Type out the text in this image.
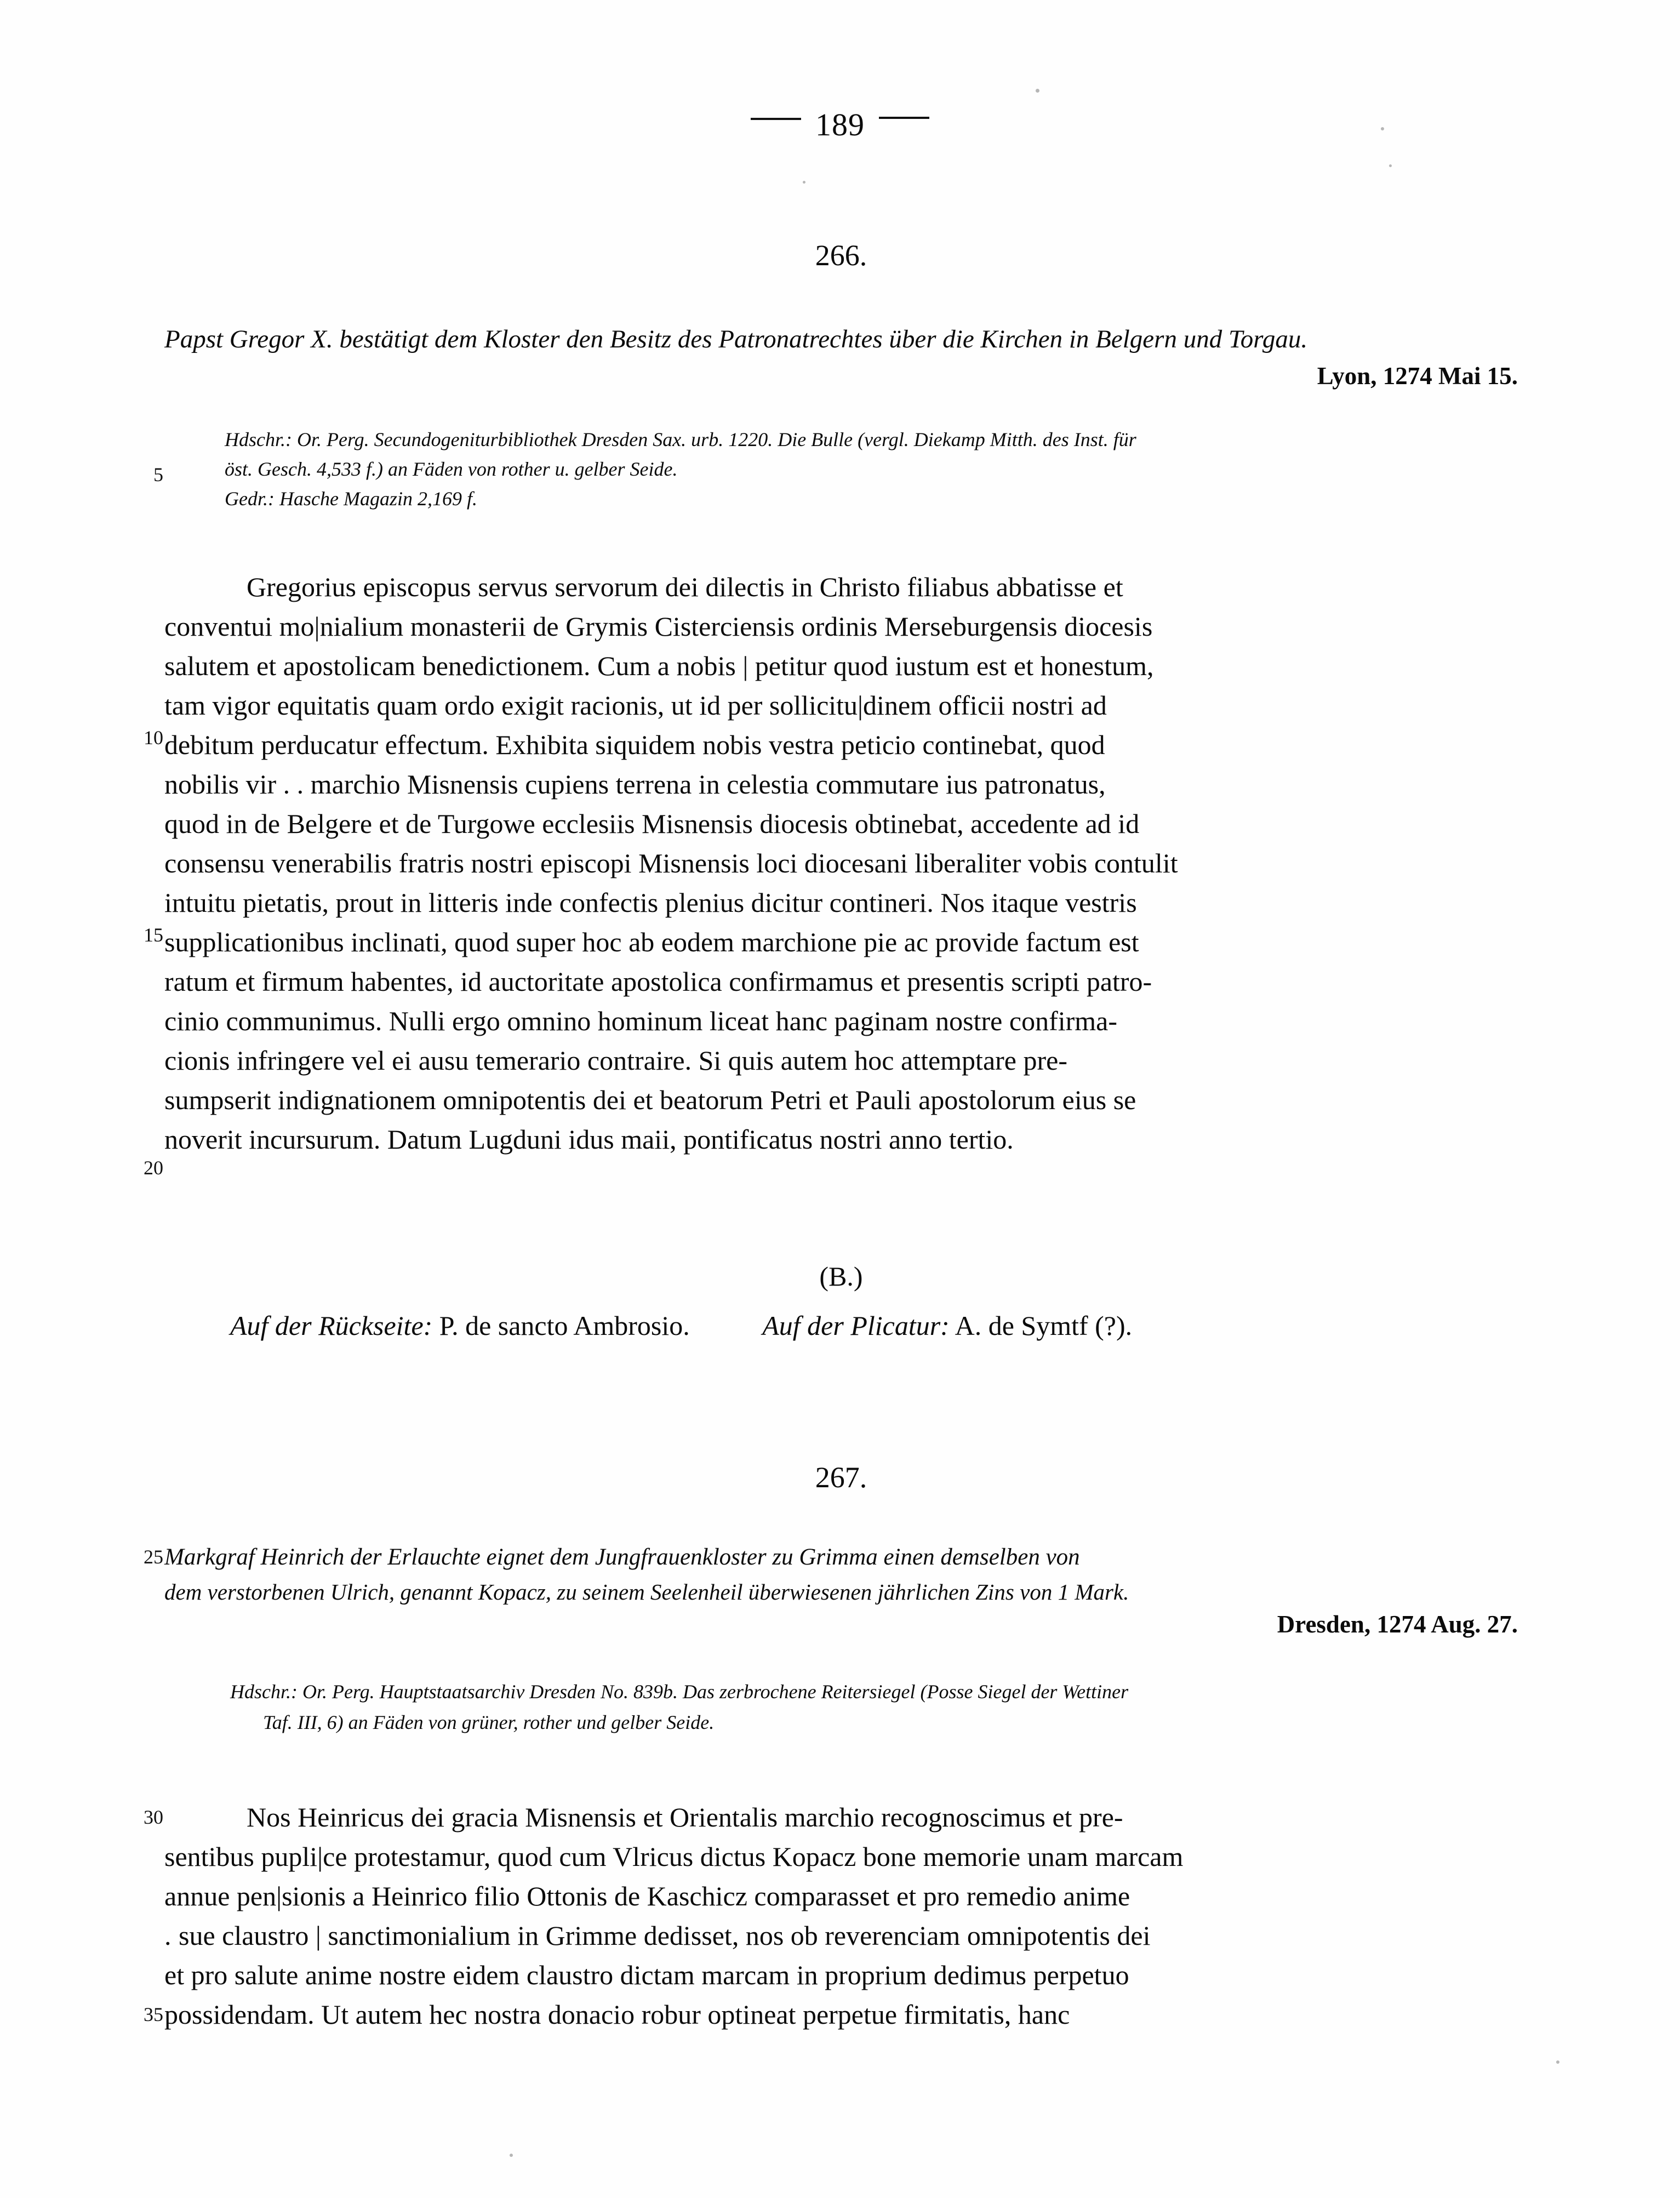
189
266.
Papst Gregor X. bestätigt dem Kloster den Besitz des Patronatrechtes über die Kirchen in Belgern und Torgau.
Lyon, 1274 Mai 15.
Hdschr.: Or. Perg. Secundogeniturbibliothek Dresden Sax. urb. 1220. Die Bulle (vergl. Diekamp Mitth. des Inst. für
öst. Gesch. 4,533 f.) an Fäden von rother u. gelber Seide.
Gedr.: Hasche Magazin 2,169 f.
5
Gregorius episcopus servus servorum dei dilectis in Christo filiabus abbatisse et
conventui mo|nialium monasterii de Grymis Cisterciensis ordinis Merseburgensis diocesis
salutem et apostolicam benedictionem. Cum a nobis | petitur quod iustum est et honestum,
tam vigor equitatis quam ordo exigit racionis, ut id per sollicitu|dinem officii nostri ad
debitum perducatur effectum. Exhibita siquidem nobis vestra peticio continebat, quod
nobilis vir . . marchio Misnensis cupiens terrena in celestia commutare ius patronatus,
quod in de Belgere et de Turgowe ecclesiis Misnensis diocesis obtinebat, accedente ad id
consensu venerabilis fratris nostri episcopi Misnensis loci diocesani liberaliter vobis contulit
intuitu pietatis, prout in litteris inde confectis plenius dicitur contineri. Nos itaque vestris
supplicationibus inclinati, quod super hoc ab eodem marchione pie ac provide factum est
ratum et firmum habentes, id auctoritate apostolica confirmamus et presentis scripti patro-
cinio communimus. Nulli ergo omnino hominum liceat hanc paginam nostre confirma-
cionis infringere vel ei ausu temerario contraire. Si quis autem hoc attemptare pre-
sumpserit indignationem omnipotentis dei et beatorum Petri et Pauli apostolorum eius se
noverit incursurum. Datum Lugduni idus maii, pontificatus nostri anno tertio.
10
15
20
(B.)
Auf der Rückseite: P. de sancto Ambrosio.	Auf der Plicatur: A. de Symtf (?).
267.
Markgraf Heinrich der Erlauchte eignet dem Jungfrauenkloster zu Grimma einen demselben von
dem verstorbenen Ulrich, genannt Kopacz, zu seinem Seelenheil überwiesenen jährlichen Zins von 1 Mark.
25
Dresden, 1274 Aug. 27.
Hdschr.: Or. Perg. Hauptstaatsarchiv Dresden No. 839b. Das zerbrochene Reitersiegel (Posse Siegel der Wettiner
Taf. III, 6) an Fäden von grüner, rother und gelber Seide.
Nos Heinricus dei gracia Misnensis et Orientalis marchio recognoscimus et pre-
sentibus pupli|ce protestamur, quod cum Vlricus dictus Kopacz bone memorie unam marcam
annue pen|sionis a Heinrico filio Ottonis de Kaschicz comparasset et pro remedio anime
. sue claustro | sanctimonialium in Grimme dedisset, nos ob reverenciam omnipotentis dei
et pro salute anime nostre eidem claustro dictam marcam in proprium dedimus perpetuo
possidendam. Ut autem hec nostra donacio robur optineat perpetue firmitatis, hanc
30
35
